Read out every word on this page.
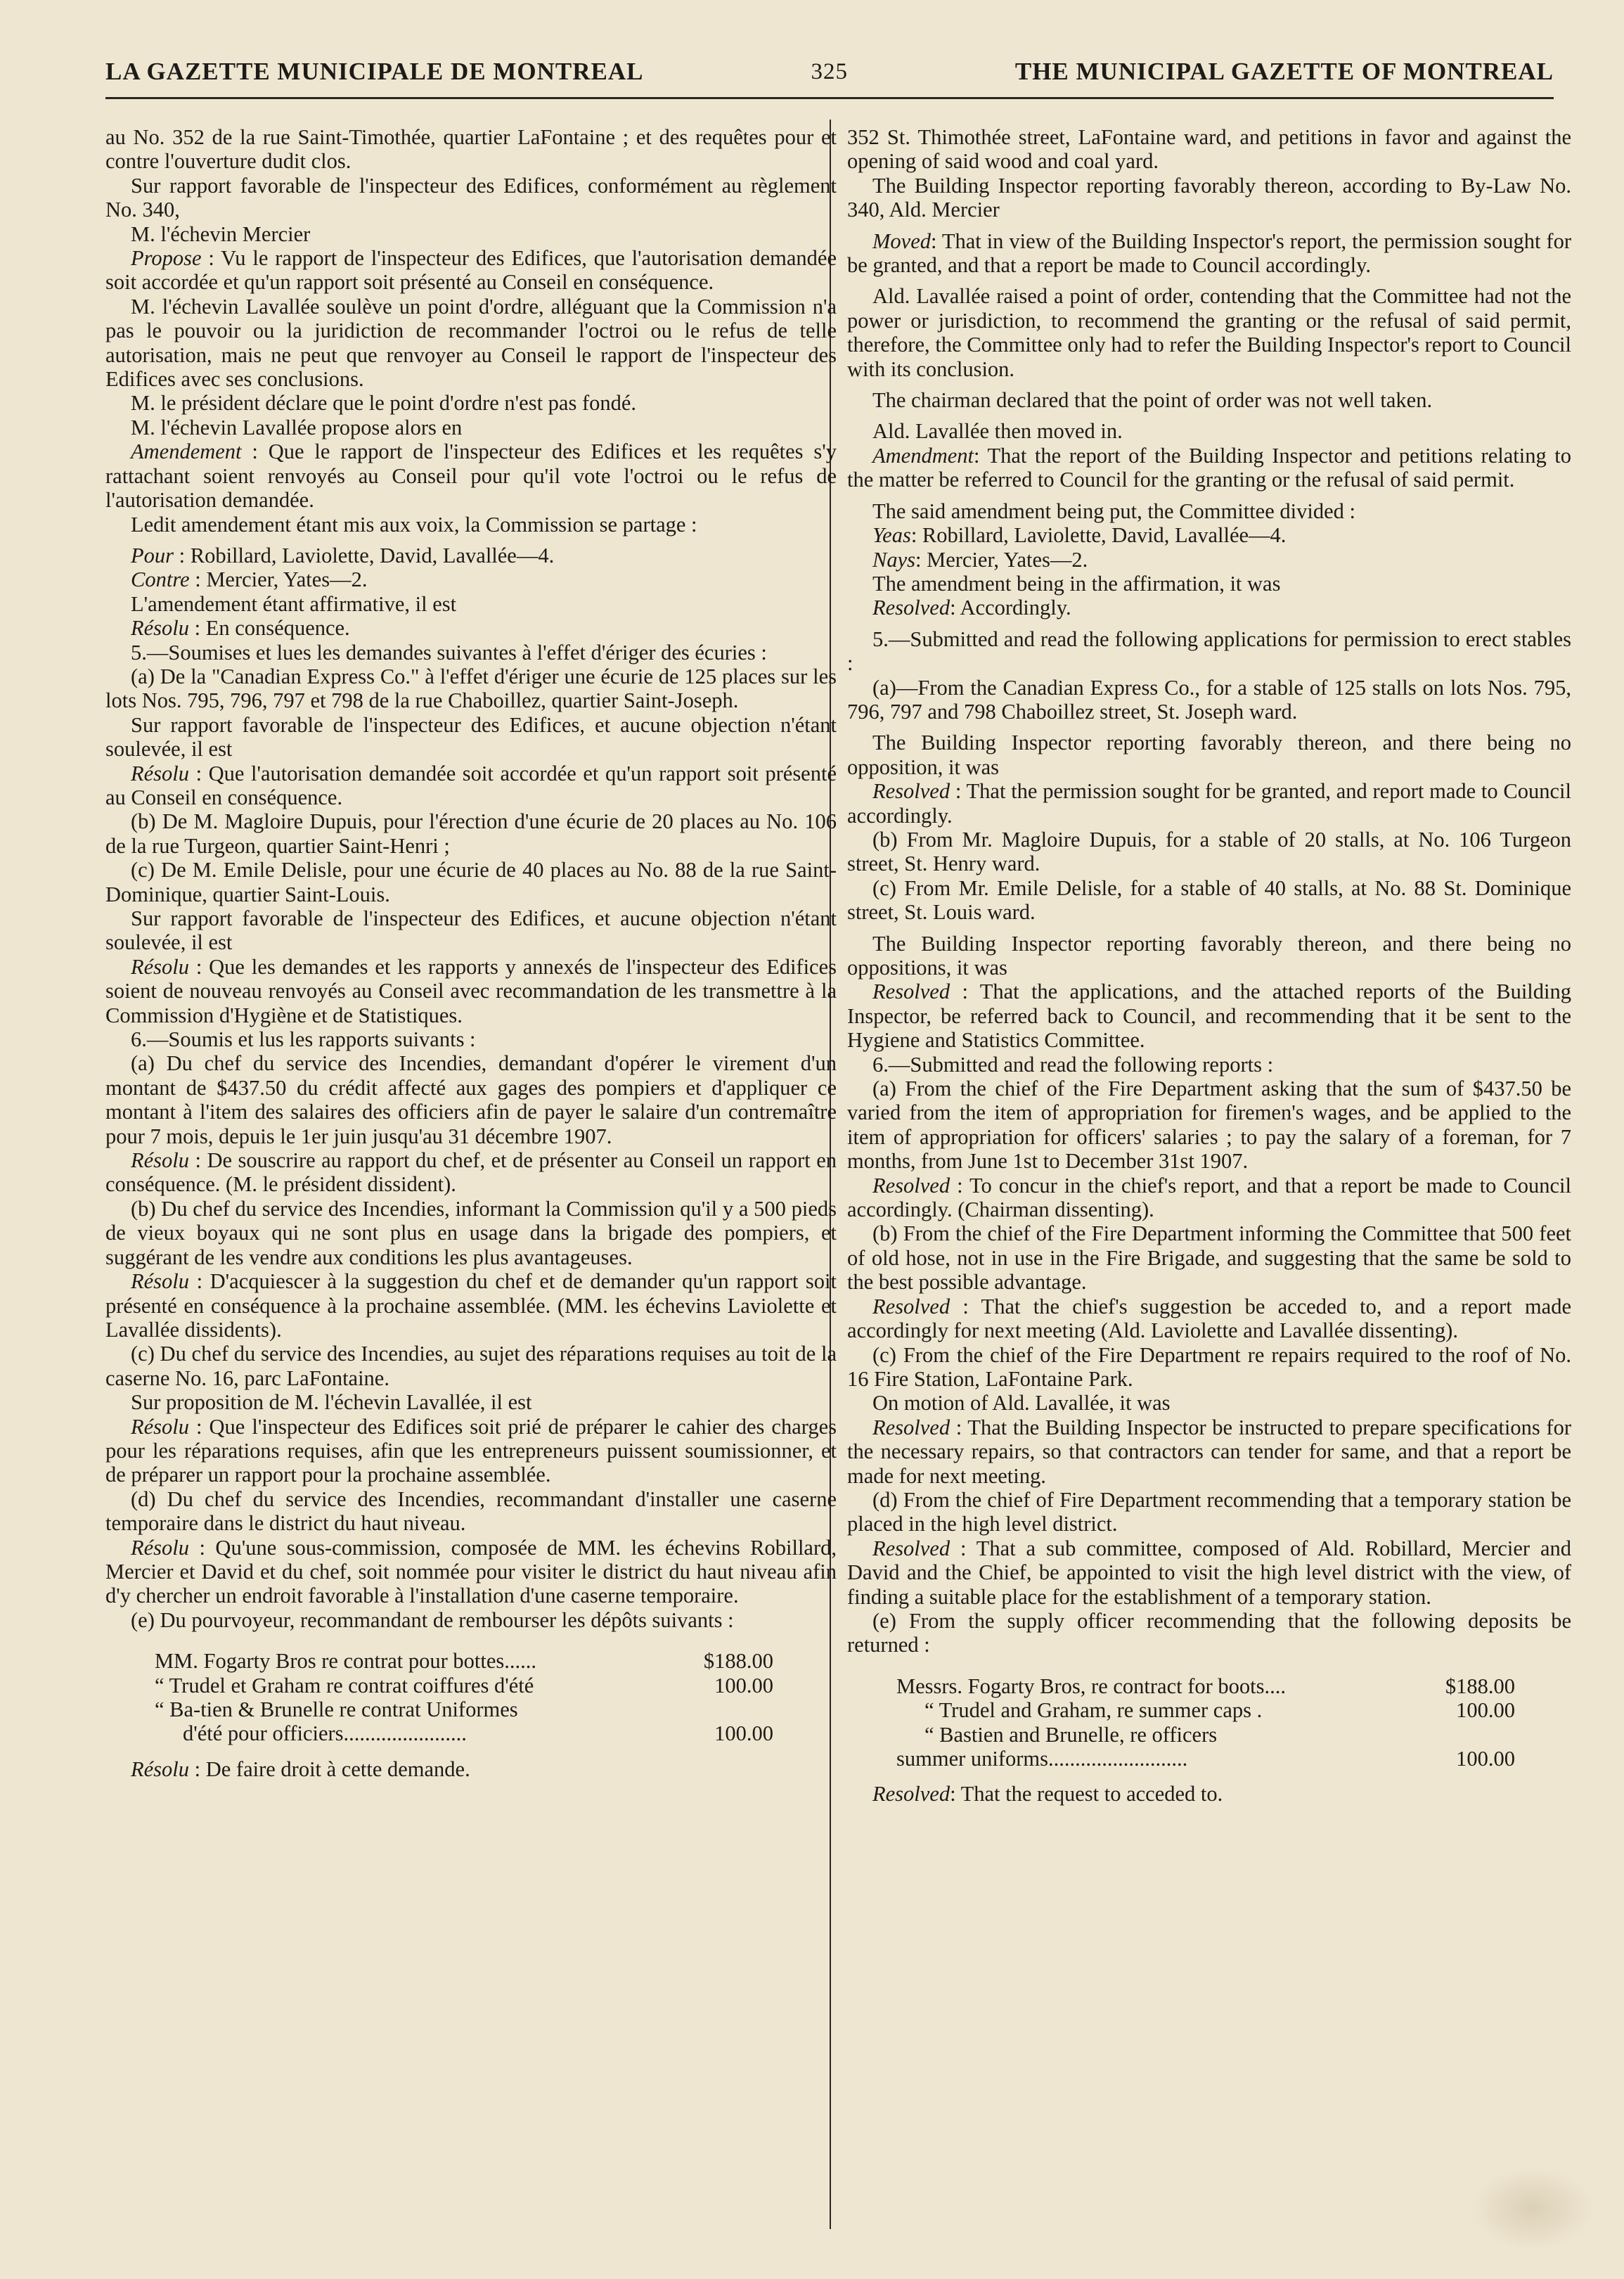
LA GAZETTE MUNICIPALE DE MONTREAL	325	THE MUNICIPAL GAZETTE OF MONTREAL

au No. 352 de la rue Saint-Timothée, quartier LaFontaine ; et des requêtes pour et contre l'ouverture dudit clos.

Sur rapport favorable de l'inspecteur des Edifices, conformément au règlement No. 340,

M. l'échevin Mercier

Propose : Vu le rapport de l'inspecteur des Edifices, que l'autorisation demandée soit accordée et qu'un rapport soit présenté au Conseil en conséquence.

M. l'échevin Lavallée soulève un point d'ordre, alléguant que la Commission n'a pas le pouvoir ou la juridiction de recommander l'octroi ou le refus de telle autorisation, mais ne peut que renvoyer au Conseil le rapport de l'inspecteur des Edifices avec ses conclusions.

M. le président déclare que le point d'ordre n'est pas fondé.

M. l'échevin Lavallée propose alors en

Amendement : Que le rapport de l'inspecteur des Edifices et les requêtes s'y rattachant soient renvoyés au Conseil pour qu'il vote l'octroi ou le refus de l'autorisation demandée.

Ledit amendement étant mis aux voix, la Commission se partage :

Pour : Robillard, Laviolette, David, Lavallée—4.

Contre : Mercier, Yates—2.

L'amendement étant affirmative, il est

Résolu : En conséquence.

5.—Soumises et lues les demandes suivantes à l'effet d'ériger des écuries :

(a) De la "Canadian Express Co." à l'effet d'ériger une écurie de 125 places sur les lots Nos. 795, 796, 797 et 798 de la rue Chaboillez, quartier Saint-Joseph.

Sur rapport favorable de l'inspecteur des Edifices, et aucune objection n'étant soulevée, il est

Résolu : Que l'autorisation demandée soit accordée et qu'un rapport soit présenté au Conseil en conséquence.

(b) De M. Magloire Dupuis, pour l'érection d'une écurie de 20 places au No. 106 de la rue Turgeon, quartier Saint-Henri ;

(c) De M. Emile Delisle, pour une écurie de 40 places au No. 88 de la rue Saint-Dominique, quartier Saint-Louis.

Sur rapport favorable de l'inspecteur des Edifices, et aucune objection n'étant soulevée, il est

Résolu : Que les demandes et les rapports y annexés de l'inspecteur des Edifices soient de nouveau renvoyés au Conseil avec recommandation de les transmettre à la Commission d'Hygiène et de Statistiques.

6.—Soumis et lus les rapports suivants :

(a) Du chef du service des Incendies, demandant d'opérer le virement d'un montant de $437.50 du crédit affecté aux gages des pompiers et d'appliquer ce montant à l'item des salaires des officiers afin de payer le salaire d'un contremaître pour 7 mois, depuis le 1er juin jusqu'au 31 décembre 1907.

Résolu : De souscrire au rapport du chef, et de présenter au Conseil un rapport en conséquence. (M. le président dissident).

(b) Du chef du service des Incendies, informant la Commission qu'il y a 500 pieds de vieux boyaux qui ne sont plus en usage dans la brigade des pompiers, et suggérant de les vendre aux conditions les plus avantageuses.

Résolu : D'acquiescer à la suggestion du chef et de demander qu'un rapport soit présenté en conséquence à la prochaine assemblée. (MM. les échevins Laviolette et Lavallée dissidents).

(c) Du chef du service des Incendies, au sujet des réparations requises au toit de la caserne No. 16, parc LaFontaine.

Sur proposition de M. l'échevin Lavallée, il est

Résolu : Que l'inspecteur des Edifices soit prié de préparer le cahier des charges pour les réparations requises, afin que les entrepreneurs puissent soumissionner, et de préparer un rapport pour la prochaine assemblée.

(d) Du chef du service des Incendies, recommandant d'installer une caserne temporaire dans le district du haut niveau.

Résolu : Qu'une sous-commission, composée de MM. les échevins Robillard, Mercier et David et du chef, soit nommée pour visiter le district du haut niveau afin d'y chercher un endroit favorable à l'installation d'une caserne temporaire.

(e) Du pourvoyeur, recommandant de rembourser les dépôts suivants :

MM. Fogarty Bros re contrat pour bottes......	$188.00
“ Trudel et Graham re contrat coiffures d'été	100.00
“ Ba-tien & Brunelle re contrat Uniformes
d'été pour officiers.......................	100.00

Résolu : De faire droit à cette demande.

352 St. Thimothée street, LaFontaine ward, and petitions in favor and against the opening of said wood and coal yard.

The Building Inspector reporting favorably thereon, according to By-Law No. 340, Ald. Mercier

Moved: That in view of the Building Inspector's report, the permission sought for be granted, and that a report be made to Council accordingly.

Ald. Lavallée raised a point of order, contending that the Committee had not the power or jurisdiction, to recommend the granting or the refusal of said permit, therefore, the Committee only had to refer the Building Inspector's report to Council with its conclusion.

The chairman declared that the point of order was not well taken.

Ald. Lavallée then moved in.

Amendment: That the report of the Building Inspector and petitions relating to the matter be referred to Council for the granting or the refusal of said permit.

The said amendment being put, the Committee divided :

Yeas: Robillard, Laviolette, David, Lavallée—4.

Nays: Mercier, Yates—2.

The amendment being in the affirmation, it was

Resolved: Accordingly.

5.—Submitted and read the following applications for permission to erect stables :

(a)—From the Canadian Express Co., for a stable of 125 stalls on lots Nos. 795, 796, 797 and 798 Chaboillez street, St. Joseph ward.

The Building Inspector reporting favorably thereon, and there being no opposition, it was

Resolved : That the permission sought for be granted, and report made to Council accordingly.

(b) From Mr. Magloire Dupuis, for a stable of 20 stalls, at No. 106 Turgeon street, St. Henry ward.

(c) From Mr. Emile Delisle, for a stable of 40 stalls, at No. 88 St. Dominique street, St. Louis ward.

The Building Inspector reporting favorably thereon, and there being no oppositions, it was

Resolved : That the applications, and the attached reports of the Building Inspector, be referred back to Council, and recommending that it be sent to the Hygiene and Statistics Committee.

6.—Submitted and read the following reports :

(a) From the chief of the Fire Department asking that the sum of $437.50 be varied from the item of appropriation for firemen's wages, and be applied to the item of appropriation for officers' salaries ; to pay the salary of a foreman, for 7 months, from June 1st to December 31st 1907.

Resolved : To concur in the chief's report, and that a report be made to Council accordingly. (Chairman dissenting).

(b) From the chief of the Fire Department informing the Committee that 500 feet of old hose, not in use in the Fire Brigade, and suggesting that the same be sold to the best possible advantage.

Resolved : That the chief's suggestion be acceded to, and a report made accordingly for next meeting (Ald. Laviolette and Lavallée dissenting).

(c) From the chief of the Fire Department re repairs required to the roof of No. 16 Fire Station, LaFontaine Park.

On motion of Ald. Lavallée, it was

Resolved : That the Building Inspector be instructed to prepare specifications for the necessary repairs, so that contractors can tender for same, and that a report be made for next meeting.

(d) From the chief of Fire Department recommending that a temporary station be placed in the high level district.

Resolved : That a sub committee, composed of Ald. Robillard, Mercier and David and the Chief, be appointed to visit the high level district with the view, of finding a suitable place for the establishment of a temporary station.

(e) From the supply officer recommending that the following deposits be returned :

Messrs. Fogarty Bros, re contract for boots....	$188.00
“ Trudel and Graham, re summer caps .	100.00
“ Bastien and Brunelle, re officers
summer uniforms..........................	100.00

Resolved: That the request to acceded to.
